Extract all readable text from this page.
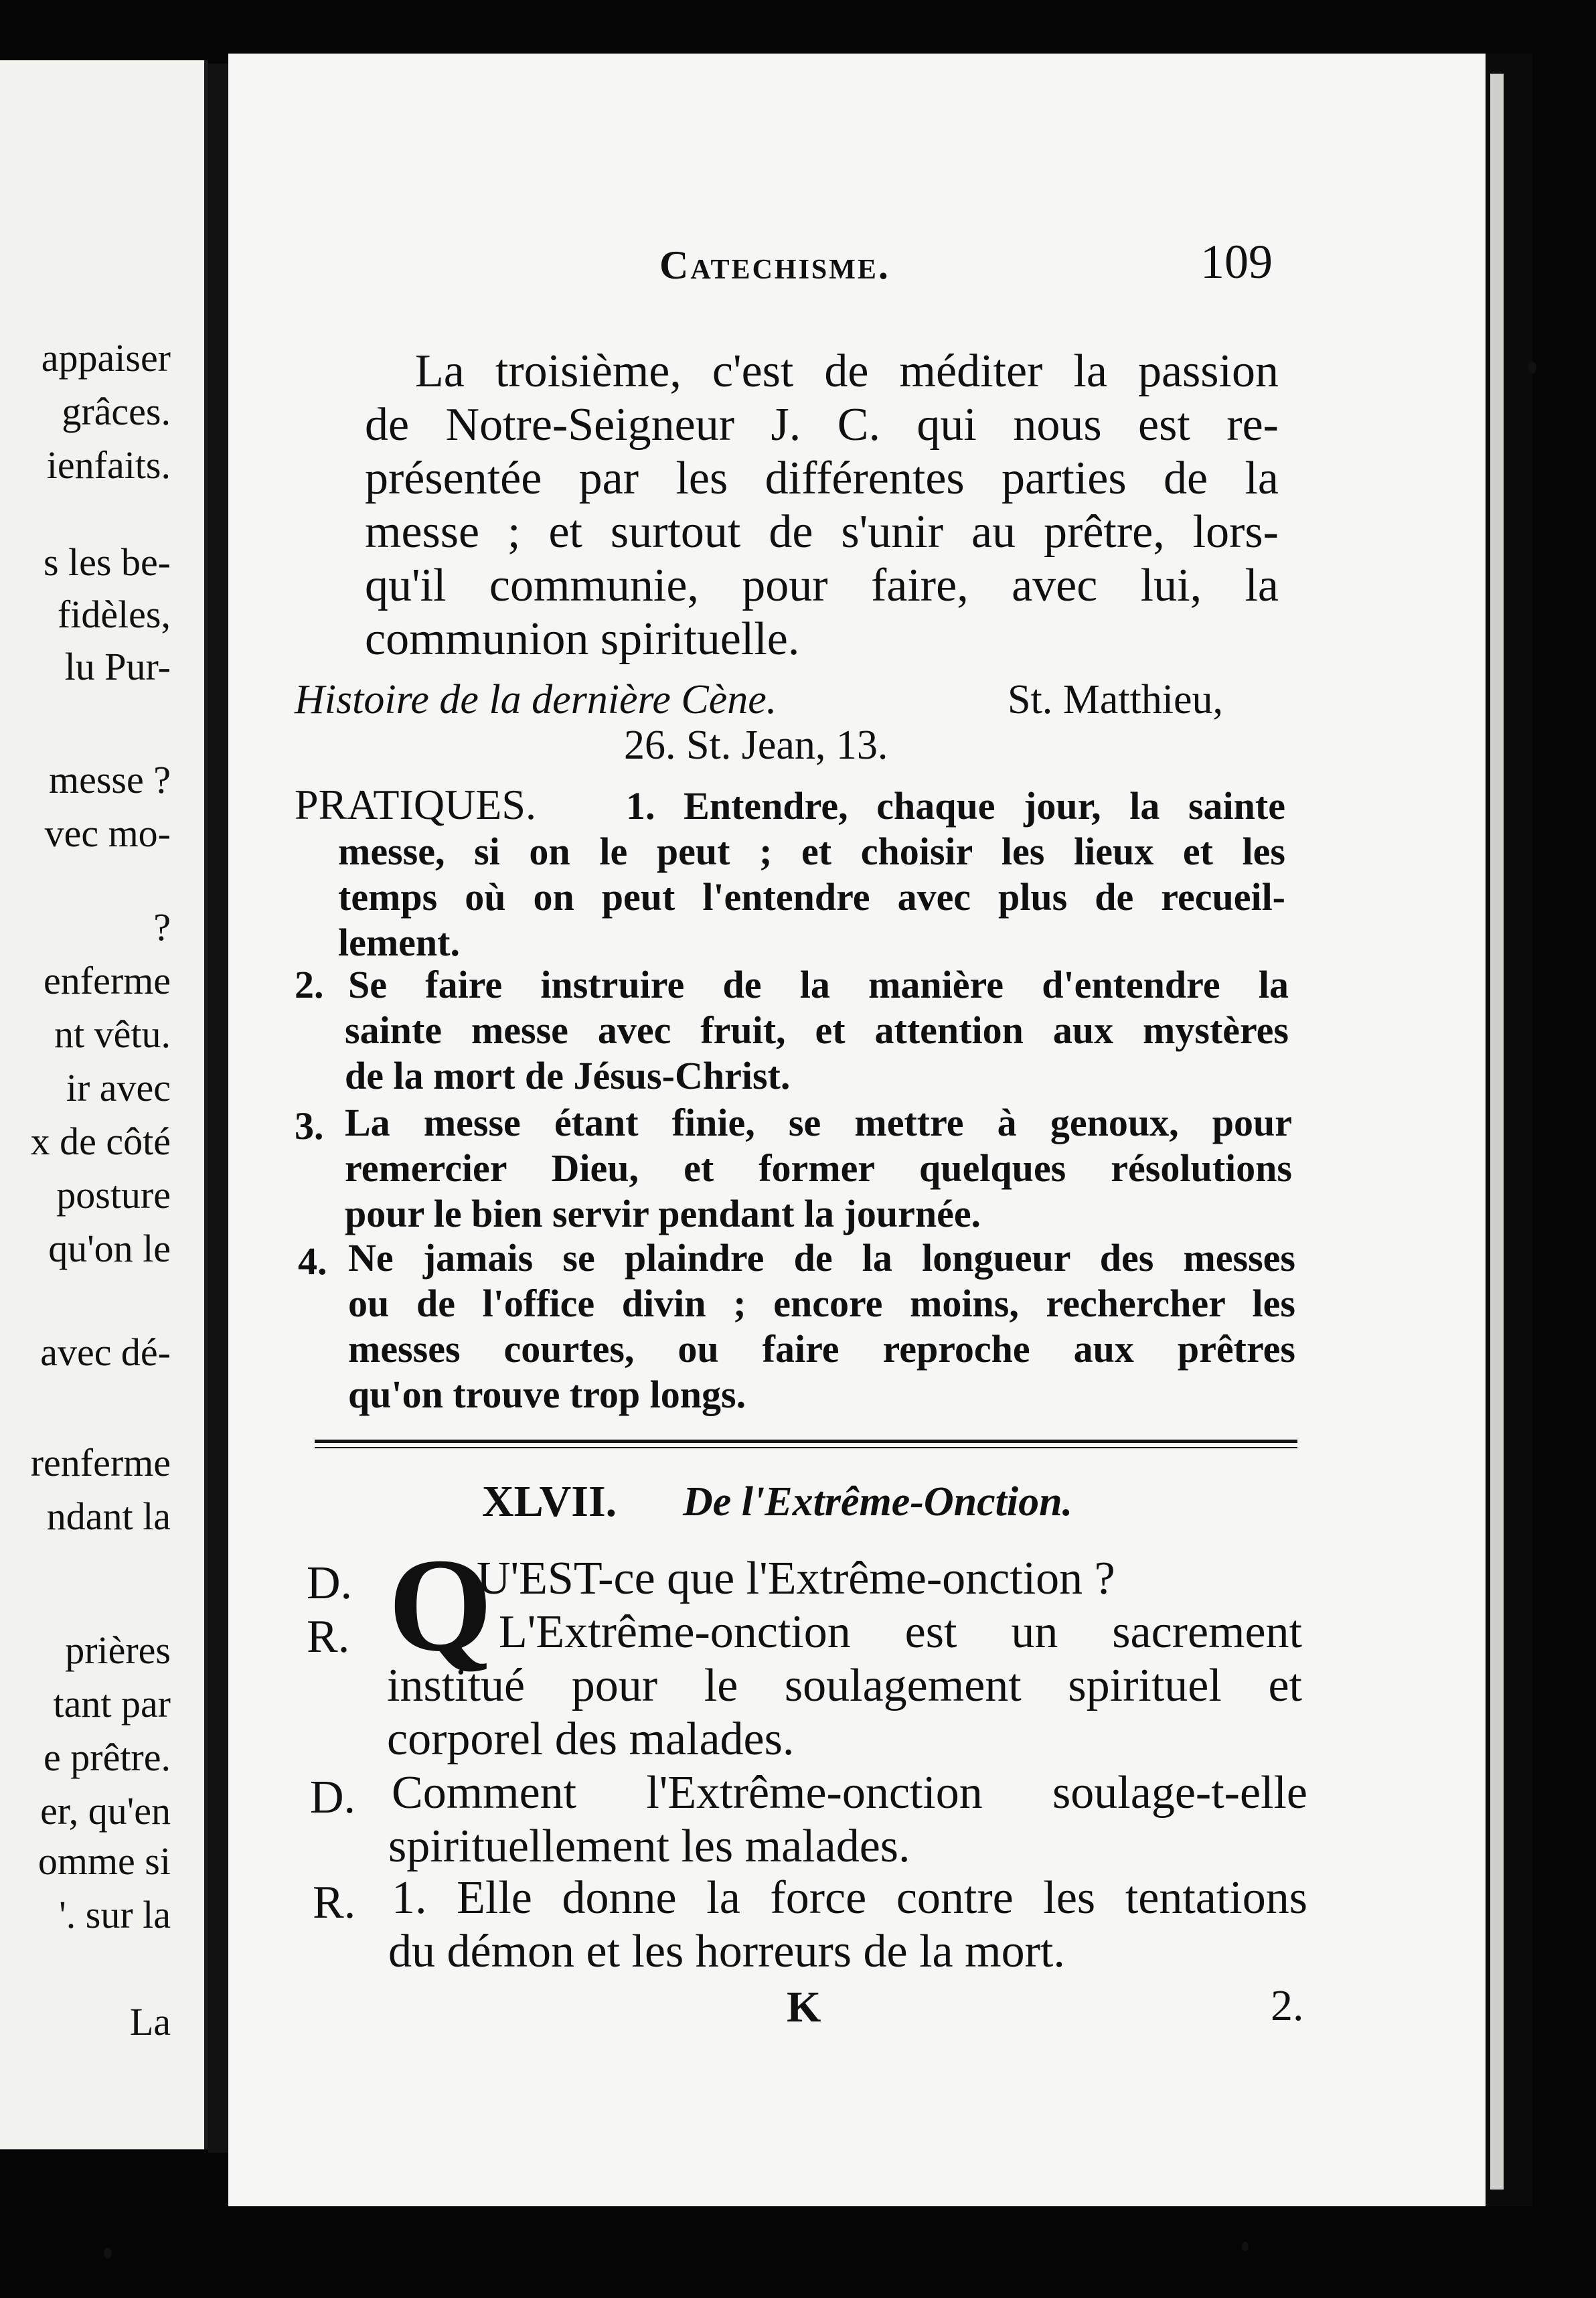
appaiser
grâces.
ienfaits.
s les be-
fidèles,
lu Pur-
messe ?
vec mo-
?
enferme
nt vêtu.
ir avec
x de côté
posture
qu'on le
avec dé-
renferme
ndant la
prières
tant par
e prêtre.
er, qu'en
omme si
'. sur la
La
Catechisme.	109
La troisième, c'est de méditer la passion
de Notre-Seigneur J. C. qui nous est re-
présentée par les différentes parties de la
messe ; et surtout de s'unir au prêtre, lors-
qu'il communie, pour faire, avec lui, la
communion spirituelle.
Histoire de la dernière Cène.	St. Matthieu,
26. St. Jean, 13.
PRATIQUES. 1. Entendre, chaque jour, la sainte
messe, si on le peut ; et choisir les lieux et les
temps où on peut l'entendre avec plus de recueil-
lement.
2. Se faire instruire de la manière d'entendre la
sainte messe avec fruit, et attention aux mystères
de la mort de Jésus-Christ.
3. La messe étant finie, se mettre à genoux, pour
remercier Dieu, et former quelques résolutions
pour le bien servir pendant la journée.
4. Ne jamais se plaindre de la longueur des messes
ou de l'office divin ; encore moins, rechercher les
messes courtes, ou faire reproche aux prêtres
qu'on trouve trop longs.
XLVII. De l'Extrême-Onction.
Q
D.	U'EST-ce que l'Extrême-onction ?
R.	L'Extrême-onction est un sacrement
institué pour le soulagement spirituel et
corporel des malades.
D. Comment l'Extrême-onction soulage-t-elle
spirituellement les malades.
R. 1. Elle donne la force contre les tentations
du démon et les horreurs de la mort.
K	2.
